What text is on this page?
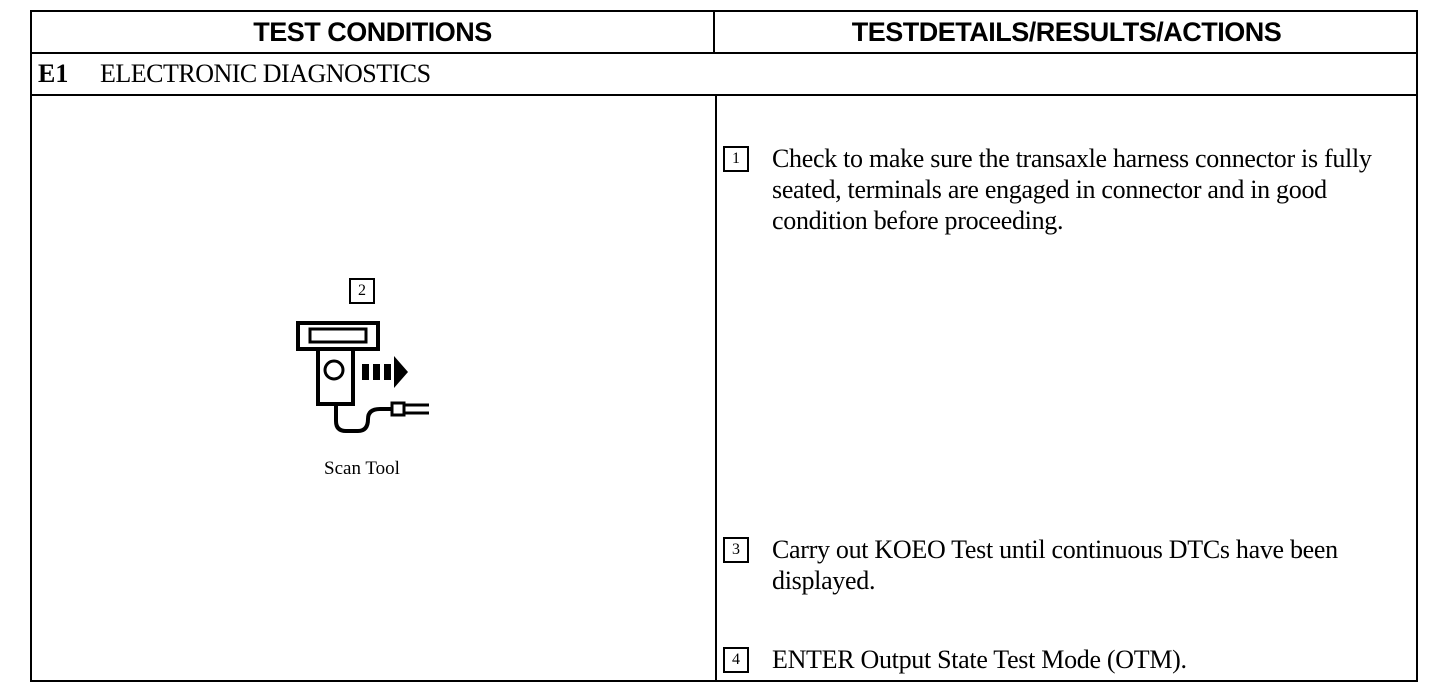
TEST CONDITIONS	TESTDETAILS/RESULTS/ACTIONS
E1	ELECTRONIC DIAGNOSTICS
2
Scan Tool
1	Check to make sure the transaxle harness connector is fully seated, terminals are engaged in connector and in good condition before proceeding.
3	Carry out KOEO Test until continuous DTCs have been displayed.
4	ENTER Output State Test Mode (OTM).
